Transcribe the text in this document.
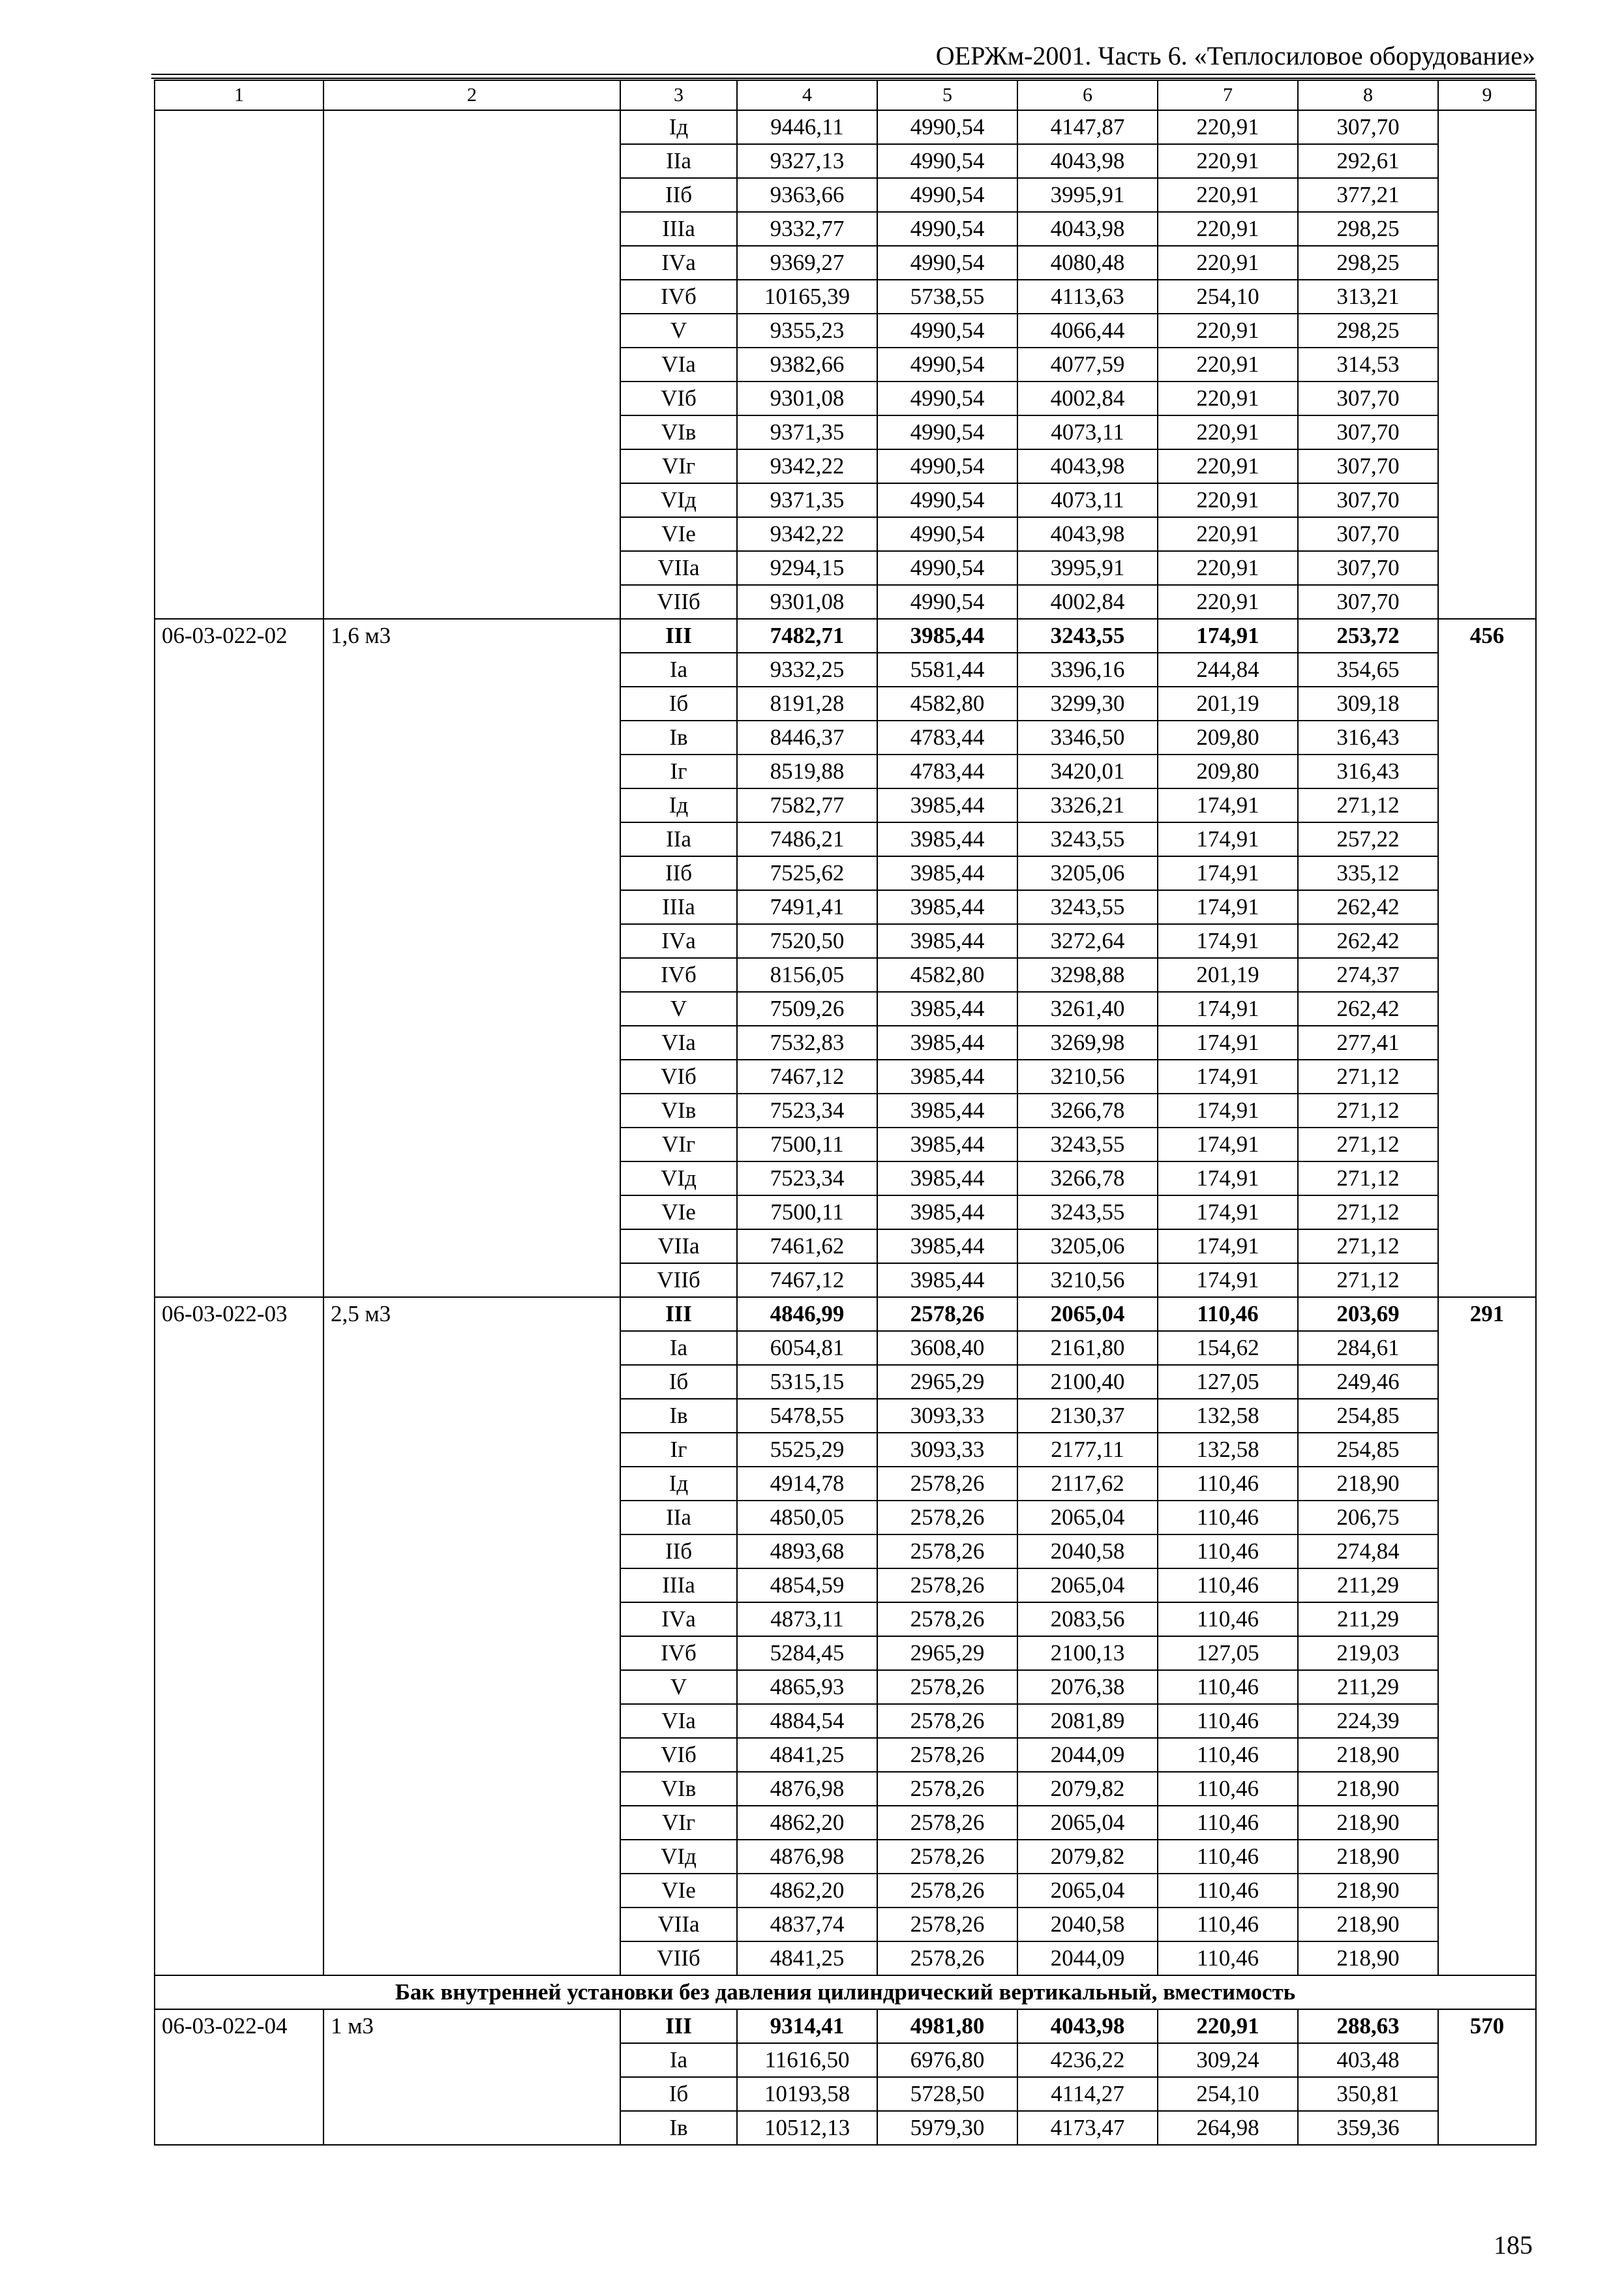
ОЕРЖм-2001. Часть 6. «Теплосиловое оборудование»
1	2	3	4	5	6	7	8	9
		Iд	9446,11	4990,54	4147,87	220,91	307,70	
		IIа	9327,13	4990,54	4043,98	220,91	292,61	
		IIб	9363,66	4990,54	3995,91	220,91	377,21	
		IIIа	9332,77	4990,54	4043,98	220,91	298,25	
		IVа	9369,27	4990,54	4080,48	220,91	298,25	
		IVб	10165,39	5738,55	4113,63	254,10	313,21	
		V	9355,23	4990,54	4066,44	220,91	298,25	
		VIа	9382,66	4990,54	4077,59	220,91	314,53	
		VIб	9301,08	4990,54	4002,84	220,91	307,70	
		VIв	9371,35	4990,54	4073,11	220,91	307,70	
		VIг	9342,22	4990,54	4043,98	220,91	307,70	
		VIд	9371,35	4990,54	4073,11	220,91	307,70	
		VIе	9342,22	4990,54	4043,98	220,91	307,70	
		VIIа	9294,15	4990,54	3995,91	220,91	307,70	
		VIIб	9301,08	4990,54	4002,84	220,91	307,70	
06-03-022-02	1,6 м3	III	7482,71	3985,44	3243,55	174,91	253,72	456
		Iа	9332,25	5581,44	3396,16	244,84	354,65	
		Iб	8191,28	4582,80	3299,30	201,19	309,18	
		Iв	8446,37	4783,44	3346,50	209,80	316,43	
		Iг	8519,88	4783,44	3420,01	209,80	316,43	
		Iд	7582,77	3985,44	3326,21	174,91	271,12	
		IIа	7486,21	3985,44	3243,55	174,91	257,22	
		IIб	7525,62	3985,44	3205,06	174,91	335,12	
		IIIа	7491,41	3985,44	3243,55	174,91	262,42	
		IVа	7520,50	3985,44	3272,64	174,91	262,42	
		IVб	8156,05	4582,80	3298,88	201,19	274,37	
		V	7509,26	3985,44	3261,40	174,91	262,42	
		VIа	7532,83	3985,44	3269,98	174,91	277,41	
		VIб	7467,12	3985,44	3210,56	174,91	271,12	
		VIв	7523,34	3985,44	3266,78	174,91	271,12	
		VIг	7500,11	3985,44	3243,55	174,91	271,12	
		VIд	7523,34	3985,44	3266,78	174,91	271,12	
		VIе	7500,11	3985,44	3243,55	174,91	271,12	
		VIIа	7461,62	3985,44	3205,06	174,91	271,12	
		VIIб	7467,12	3985,44	3210,56	174,91	271,12	
06-03-022-03	2,5 м3	III	4846,99	2578,26	2065,04	110,46	203,69	291
		Iа	6054,81	3608,40	2161,80	154,62	284,61	
		Iб	5315,15	2965,29	2100,40	127,05	249,46	
		Iв	5478,55	3093,33	2130,37	132,58	254,85	
		Iг	5525,29	3093,33	2177,11	132,58	254,85	
		Iд	4914,78	2578,26	2117,62	110,46	218,90	
		IIа	4850,05	2578,26	2065,04	110,46	206,75	
		IIб	4893,68	2578,26	2040,58	110,46	274,84	
		IIIа	4854,59	2578,26	2065,04	110,46	211,29	
		IVа	4873,11	2578,26	2083,56	110,46	211,29	
		IVб	5284,45	2965,29	2100,13	127,05	219,03	
		V	4865,93	2578,26	2076,38	110,46	211,29	
		VIа	4884,54	2578,26	2081,89	110,46	224,39	
		VIб	4841,25	2578,26	2044,09	110,46	218,90	
		VIв	4876,98	2578,26	2079,82	110,46	218,90	
		VIг	4862,20	2578,26	2065,04	110,46	218,90	
		VIд	4876,98	2578,26	2079,82	110,46	218,90	
		VIе	4862,20	2578,26	2065,04	110,46	218,90	
		VIIа	4837,74	2578,26	2040,58	110,46	218,90	
		VIIб	4841,25	2578,26	2044,09	110,46	218,90	
Бак внутренней установки без давления цилиндрический вертикальный, вместимость								
06-03-022-04	1 м3	III	9314,41	4981,80	4043,98	220,91	288,63	570
		Iа	11616,50	6976,80	4236,22	309,24	403,48	
		Iб	10193,58	5728,50	4114,27	254,10	350,81	
		Iв	10512,13	5979,30	4173,47	264,98	359,36	
185
